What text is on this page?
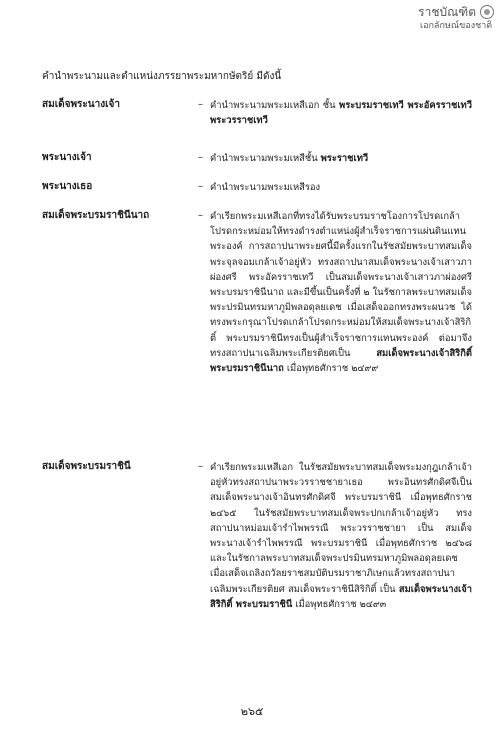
ราชบัณฑิต
เอกลักษณ์ของชาติ
คำนำพระนามและตำแหน่งภรรยาพระมหากษัตริย์ มีดังนี้
สมเด็จพระนางเจ้า	– คำนำพระนามพระมเหสีเอก ชั้น พระบรมราชเทวี พระอัครราชเทวี พระวรราชเทวี
พระนางเจ้า	– คำนำพระนามพระมเหสีชั้น พระราชเทวี
พระนางเธอ	– คำนำพระนามพระมเหสีรอง
สมเด็จพระบรมราชินีนาถ	– คำเรียกพระมเหสีเอกที่ทรงได้รับพระบรมราชโองการโปรดเกล้าโปรดกระหม่อมให้ทรงดำรงตำแหน่งผู้สำเร็จราชการแผ่นดินแทนพระองค์ การสถาปนาพระยศนี้มีครั้งแรกในรัชสมัยพระบาทสมเด็จพระจุลจอมเกล้าเจ้าอยู่หัว ทรงสถาปนาสมเด็จพระนางเจ้าเสาวภาผ่องศรี พระอัครราชเทวี เป็นสมเด็จพระนางเจ้าเสาวภาผ่องศรี พระบรมราชินีนาถ และมีขึ้นเป็นครั้งที่ ๒ ในรัชกาลพระบาทสมเด็จพระปรมินทรมหาภูมิพลอดุลยเดช เมื่อเสด็จออกทรงพระผนวช ได้ทรงพระกรุณาโปรดเกล้าโปรดกระหม่อมให้สมเด็จพระนางเจ้าสิริกิติ์ พระบรมราชินีทรงเป็นผู้สำเร็จราชการแทนพระองค์ ต่อมาจึงทรงสถาปนาเฉลิมพระเกียรติยศเป็น สมเด็จพระนางเจ้าสิริกิติ์ พระบรมราชินีนาถ เมื่อพุทธศักราช ๒๔๙๙
สมเด็จพระบรมราชินี	– คำเรียกพระมเหสีเอก ในรัชสมัยพระบาทสมเด็จพระมงกุฎเกล้าเจ้าอยู่หัวทรงสถาปนาพระวรราชชายาเธอ พระอินทรศักดิศจีเป็นสมเด็จพระนางเจ้าอินทรศักดิศจี พระบรมราชินี เมื่อพุทธศักราช ๒๔๖๕ ในรัชสมัยพระบาทสมเด็จพระปกเกล้าเจ้าอยู่หัว ทรงสถาปนาหม่อมเจ้ารำไพพรรณี พระวรราชชายา เป็น สมเด็จพระนางเจ้ารำไพพรรณี พระบรมราชินี เมื่อพุทธศักราช ๒๔๖๘ และในรัชกาลพระบาทสมเด็จพระปรมินทรมหาภูมิพลอดุลยเดช เมื่อเสด็จเถลิงถวัลยราชสมบัติบรมราชาภิเษกแล้วทรงสถาปนาเฉลิมพระเกียรติยศ สมเด็จพระราชินีสิริกิติ์ เป็น สมเด็จพระนางเจ้าสิริกิติ์ พระบรมราชินี เมื่อพุทธศักราช ๒๔๙๓
๒๖๕
